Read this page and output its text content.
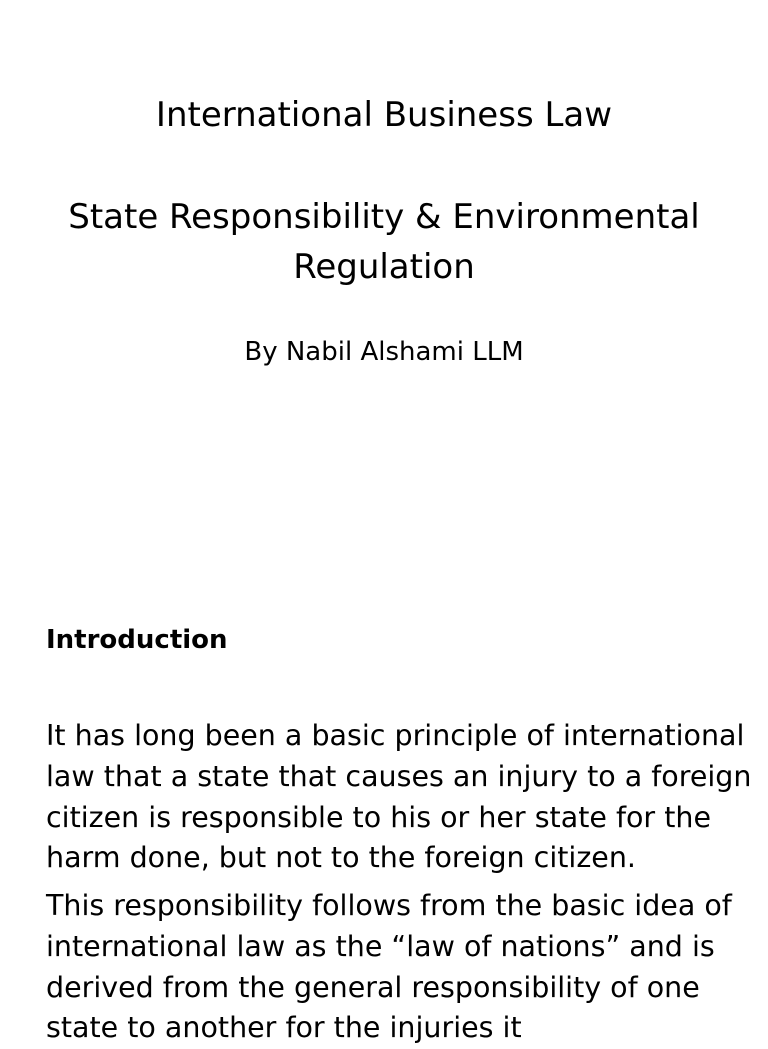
International Business Law
State Responsibility & Environmental
Regulation

By Nabil Alshami LLM

Introduction

It has long been a basic principle of international
law that a state that causes an injury to a foreign
citizen is responsible to his or her state for the
harm done, but not to the foreign citizen.

This responsibility follows from the basic idea of
international law as the “law of nations” and is
derived from the general responsibility of one
state to another for the injuries it
